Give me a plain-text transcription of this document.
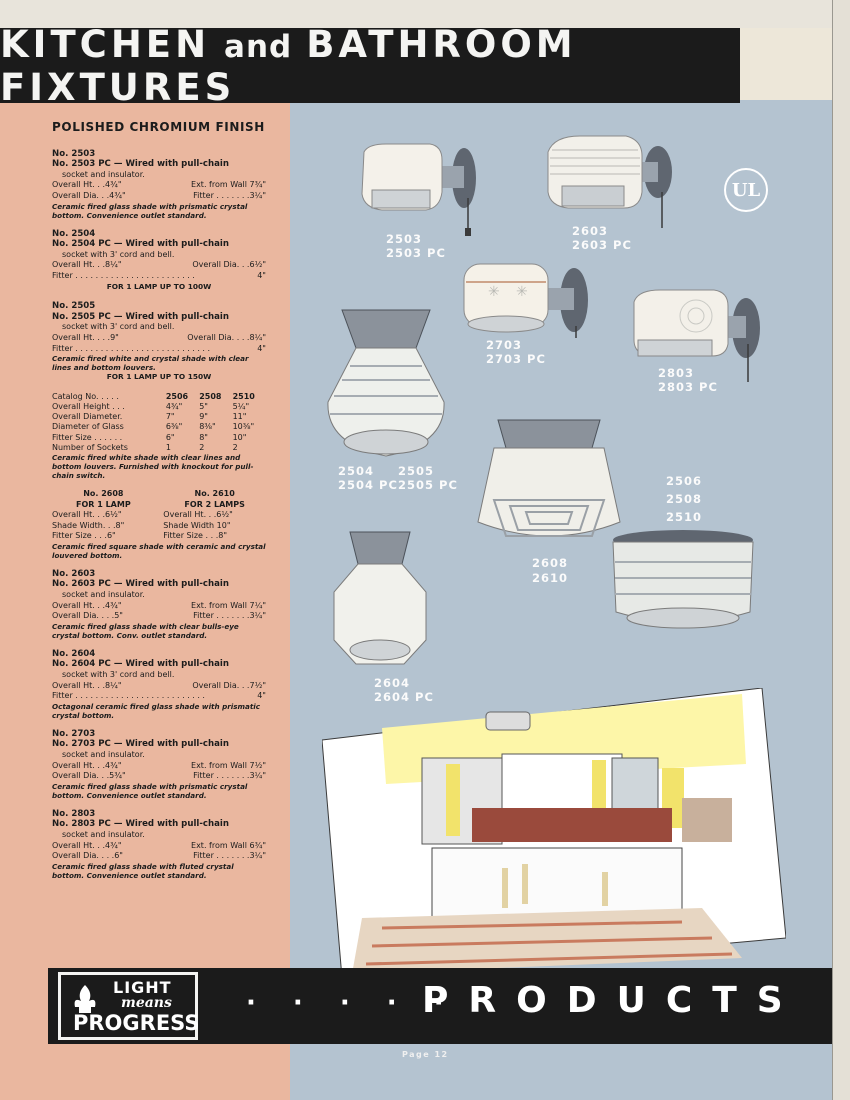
KITCHEN and BATHROOM FIXTURES
POLISHED CHROMIUM FINISH
No. 2503
No. 2503 PC — Wired with pull-chain
socket and insulator.
Overall Ht. . .4¾"	Ext. from Wall 7¾"
Overall Dia. . .4¾"	Fitter . . . . . . .3¼"
Ceramic fired glass shade with prismatic crystal bottom. Convenience outlet standard.
No. 2504
No. 2504 PC — Wired with pull-chain
socket with 3' cord and bell.
Overall Ht. . .8¼"	Overall Dia. . .6½"
Fitter . . . . . . . . . . . . . . . . . . . . . . . .	4"
FOR 1 LAMP UP TO 100W
No. 2505
No. 2505 PC — Wired with pull-chain
socket with 3' cord and bell.
Overall Ht. . . .9"	Overall Dia. . . .8¼"
Fitter . . . . . . . . . . . . . . . . . . . . . . . . . . .	4"
Ceramic fired white and crystal shade with clear lines and bottom louvers.
FOR 1 LAMP UP TO 150W
Catalog No. . . . .	2506	2508	2510
Overall Height . . .	4¾"	5"	5¼"
Overall Diameter.	7"	9"	11"
Diameter of Glass	6⅜"	8⅜"	10⅜"
Fitter Size . . . . . .	6"	8"	10"
Number of Sockets	1	2	2
Ceramic fired white shade with clear lines and bottom louvers. Furnished with knockout for pull-chain switch.
No. 2608
FOR 1 LAMP
Overall Ht. . .6½"
Shade Width. . .8"
Fitter Size . . .6"
No. 2610
FOR 2 LAMPS
Overall Ht. . .6½"
Shade Width 10"
Fitter Size . . .8"
Ceramic fired square shade with ceramic and crystal louvered bottom.
No. 2603
No. 2603 PC — Wired with pull-chain
socket and insulator.
Overall Ht. . .4¾"	Ext. from Wall 7¼"
Overall Dia. . . .5"	Fitter . . . . . . .3¼"
Ceramic fired glass shade with clear bulls-eye crystal bottom. Conv. outlet standard.
No. 2604
No. 2604 PC — Wired with pull-chain
socket with 3' cord and bell.
Overall Ht. . .8¼"	Overall Dia. . .7½"
Fitter . . . . . . . . . . . . . . . . . . . . . . . . . .	4"
Octagonal ceramic fired glass shade with prismatic crystal bottom.
No. 2703
No. 2703 PC — Wired with pull-chain
socket and insulator.
Overall Ht. . .4¾"	Ext. from Wall 7½"
Overall Dia. . .5¾"	Fitter . . . . . . .3¼"
Ceramic fired glass shade with prismatic crystal bottom. Convenience outlet standard.
No. 2803
No. 2803 PC — Wired with pull-chain
socket and insulator.
Overall Ht. . .4¾"	Ext. from Wall 6¾"
Overall Dia. . . .6"	Fitter . . . . . . .3¼"
Ceramic fired glass shade with fluted crystal bottom. Convenience outlet standard.
✳ ✳
UL
2503
2503 PC
2603
2603 PC
2703
2703 PC
2803
2803 PC
2504
2504 PC
2505
2505 PC	2506
2508
2510
2608
2610
2604
2604 PC
LIGHT
means
PROGRESS
· · · · ·
PRODUCTS
Page 12
